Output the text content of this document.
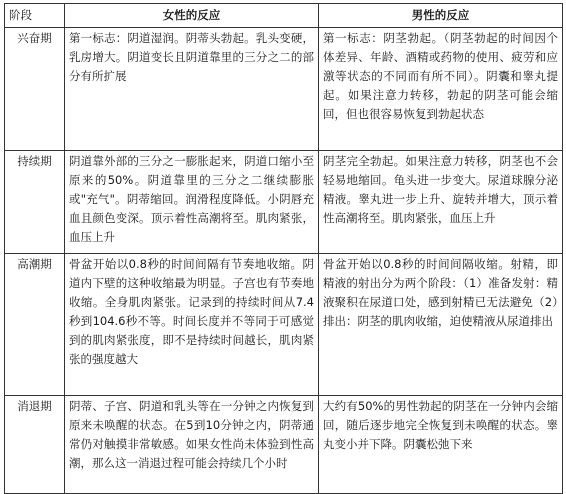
阶段	女性的反应	男性的反应
兴奋期	第一标志：阴道湿润。阴蒂头勃起。乳头变硬，乳房增大。阴道变长且阴道靠里的三分之二的部分有所扩展	第一标志：阴茎勃起。（阴茎勃起的时间因个体差异、年龄、酒精或药物的使用、疲劳和应激等状态的不同而有所不同）。阴囊和睾丸提起。如果注意力转移，勃起的阴茎可能会缩回，但也很容易恢复到勃起状态
持续期	阴道靠外部的三分之一膨胀起来，阴道口缩小至原来的50%。阴道靠里的三分之二继续膨胀或"充气"。阴蒂缩回。润滑程度降低。小阴唇充血且颜色变深。顶示着性高潮将至。肌肉紧张，血压上升	阴茎完全勃起。如果注意力转移，阴茎也不会轻易地缩回。龟头进一步变大。尿道球腺分泌精液。睾丸进一步上升、旋转并增大，顶示着性高潮将至。肌肉紧张，血压上升
高潮期	骨盆开始以0.8秒的时间间隔有节奏地收缩。阴道内下壁的这种收缩最为明显。子宫也有节奏地收缩。全身肌肉紧张。记录到的持续时间从7.4秒到104.6秒不等。时间长度并不等同于可感觉到的肌肉紧张度，即不是持续时间越长，肌肉紧张的强度越大	骨盆开始以0.8秒的时间间隔收缩。射精，即精液的射出分为两个阶段：（1）准备发射：精液聚积在尿道口处，感到射精已无法避免（2）排出：阴茎的肌肉收缩，迫使精液从尿道排出
消退期	阴蒂、子宫、阴道和乳头等在一分钟之内恢复到原来未唤醒的状态。在5到10分钟之内，阴蒂通常仍对触摸非常敏感。如果女性尚未体验到性高潮，那么这一消退过程可能会持续几个小时	大约有50%的男性勃起的阴茎在一分钟内会缩回，随后逐步地完全恢复到未唤醒的状态。睾丸变小并下降。阴囊松弛下来
